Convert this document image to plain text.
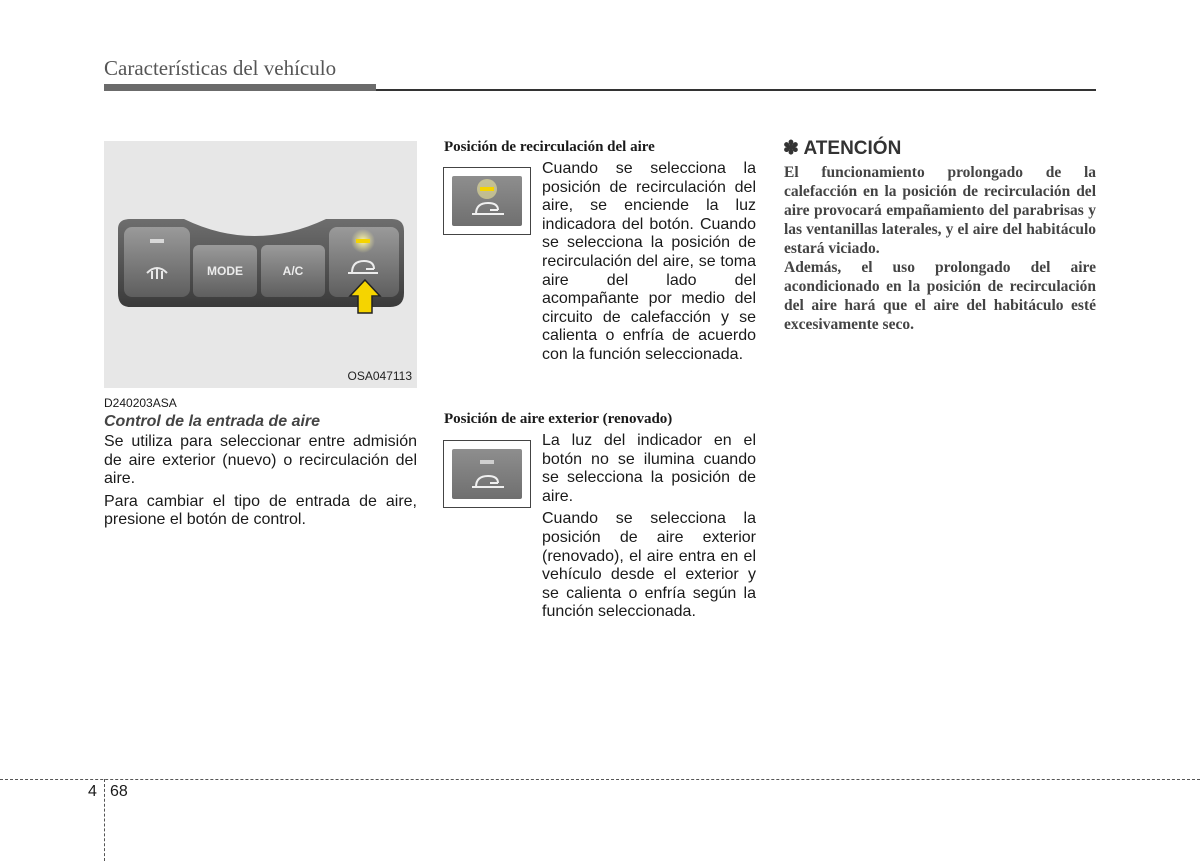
Características del vehículo
MODE	A/C
OSA047113
D240203ASA
Control de la entrada de aire

Se utiliza para seleccionar entre admisión de aire exterior (nuevo) o recirculación del aire.

Para cambiar el tipo de entrada de aire, presione el botón de control.

Posición de recirculación del aire

Cuando se selecciona la posición de recirculación del aire, se enciende la luz indicadora del botón. Cuando se selecciona la posición de recirculación del aire, se toma aire del lado del acompañante por medio del circuito de calefacción y se calienta o enfría de acuerdo con la función seleccionada.

Posición de aire exterior (renovado)

La luz del indicador en el botón no se ilumina cuando se selecciona la posición de aire.

Cuando se selecciona la posición de aire exterior (renovado), el aire entra en el vehículo desde el exterior y se calienta o enfría según la función seleccionada.

✽ ATENCIÓN

El funcionamiento prolongado de la calefacción en la posición de recirculación del aire provocará empañamiento del parabrisas y las ventanillas laterales, y el aire del habitáculo estará viciado.

Además, el uso prolongado del aire acondicionado en la posición de recirculación del aire hará que el aire del habitáculo esté excesivamente seco.

4 68
